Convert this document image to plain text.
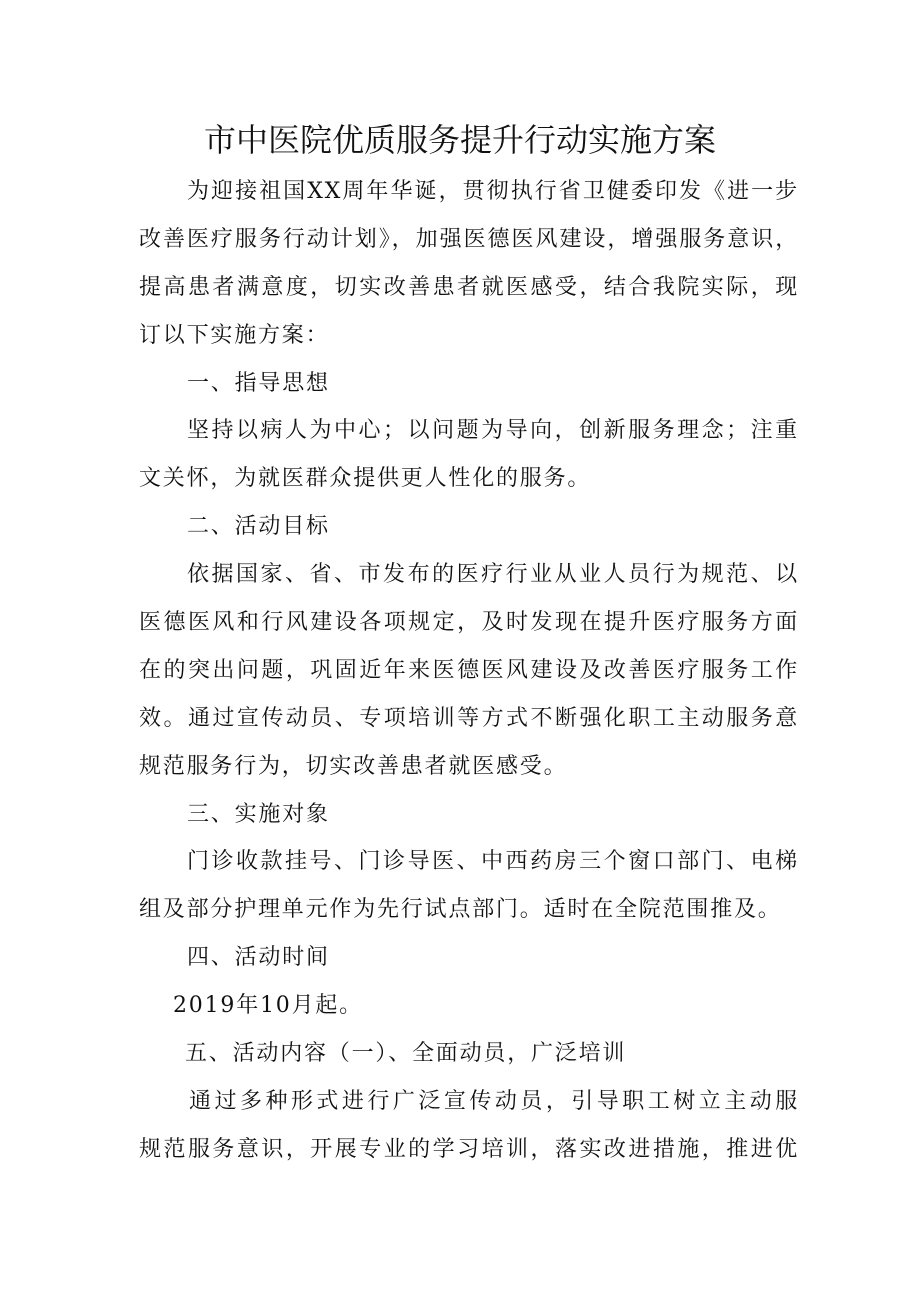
市中医院优质服务提升行动实施方案
为迎接祖国XX周年华诞，贯彻执行省卫健委印发《进一步
改善医疗服务行动计划》，加强医德医风建设，增强服务意识，
提高患者满意度，切实改善患者就医感受，结合我院实际，现
订以下实施方案：
一、指导思想
坚持以病人为中心；以问题为导向，创新服务理念；注重
文关怀，为就医群众提供更人性化的服务。
二、活动目标
依据国家、省、市发布的医疗行业从业人员行为规范、以
医德医风和行风建设各项规定，及时发现在提升医疗服务方面
在的突出问题，巩固近年来医德医风建设及改善医疗服务工作
效。通过宣传动员、专项培训等方式不断强化职工主动服务意
规范服务行为，切实改善患者就医感受。
三、实施对象
门诊收款挂号、门诊导医、中西药房三个窗口部门、电梯
组及部分护理单元作为先行试点部门。适时在全院范围推及。
四、活动时间
2019年10月起。
五、活动内容（一）、全面动员，广泛培训
通过多种形式进行广泛宣传动员，引导职工树立主动服
规范服务意识，开展专业的学习培训，落实改进措施，推进优
